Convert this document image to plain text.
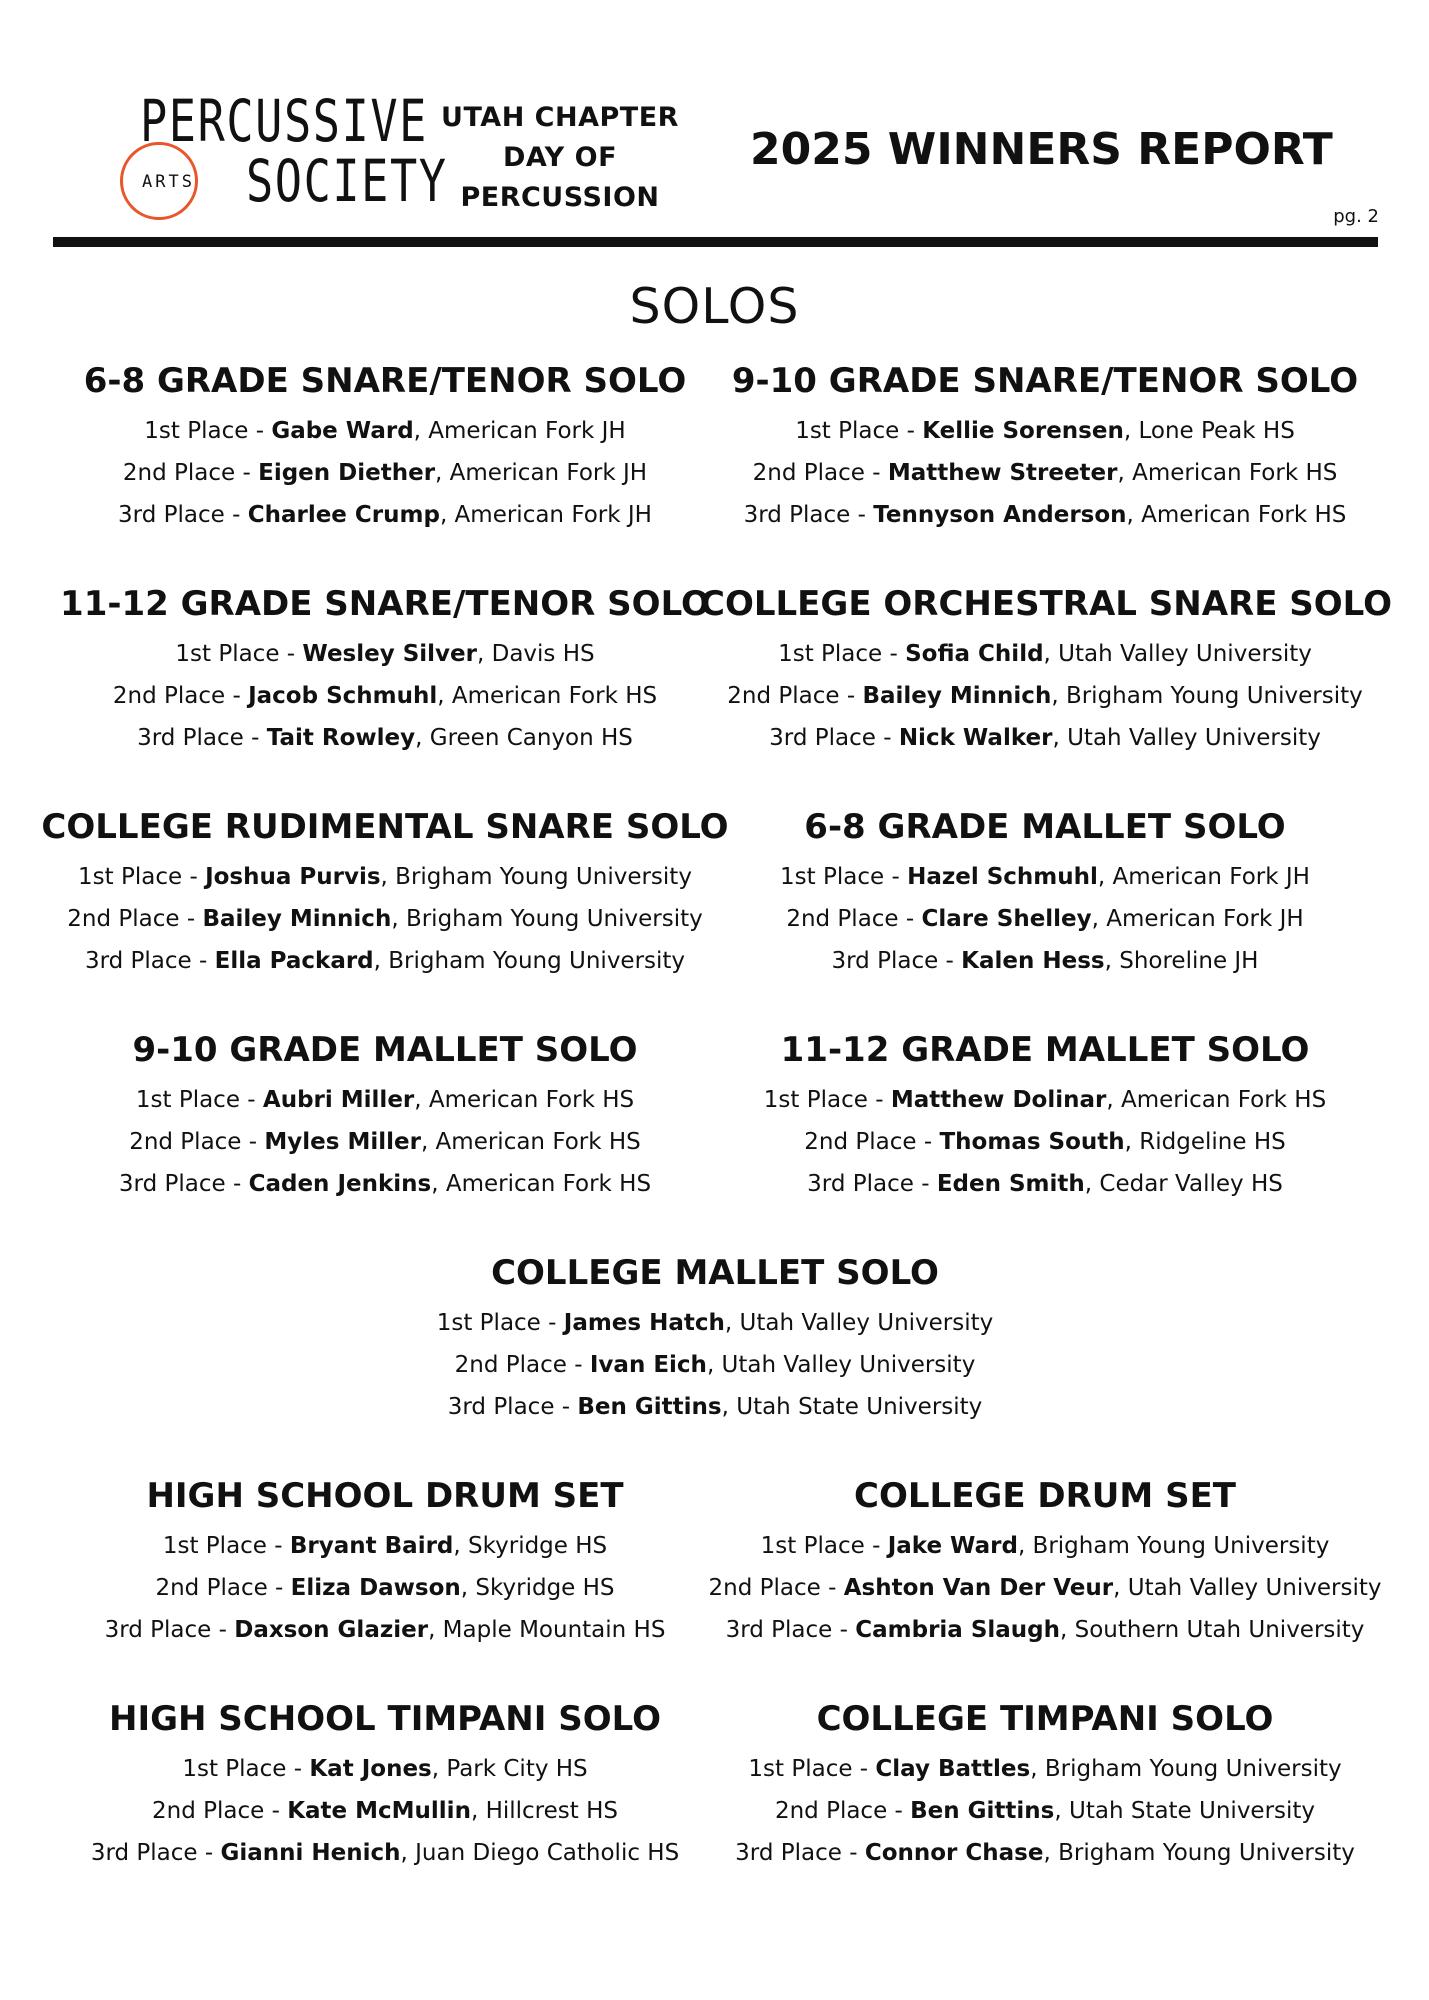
PERCUSSIVE
ARTS SOCIETY
UTAH CHAPTER
DAY OF
PERCUSSION
2025 WINNERS REPORT
pg. 2
SOLOS
6-8 GRADE SNARE/TENOR SOLO
1st Place - Gabe Ward, American Fork JH
2nd Place - Eigen Diether, American Fork JH
3rd Place - Charlee Crump, American Fork JH
9-10 GRADE SNARE/TENOR SOLO
1st Place - Kellie Sorensen, Lone Peak HS
2nd Place - Matthew Streeter, American Fork HS
3rd Place - Tennyson Anderson, American Fork HS
11-12 GRADE SNARE/TENOR SOLO
1st Place - Wesley Silver, Davis HS
2nd Place - Jacob Schmuhl, American Fork HS
3rd Place - Tait Rowley, Green Canyon HS
COLLEGE ORCHESTRAL SNARE SOLO
1st Place - Sofia Child, Utah Valley University
2nd Place - Bailey Minnich, Brigham Young University
3rd Place - Nick Walker, Utah Valley University
COLLEGE RUDIMENTAL SNARE SOLO
1st Place - Joshua Purvis, Brigham Young University
2nd Place - Bailey Minnich, Brigham Young University
3rd Place - Ella Packard, Brigham Young University
6-8 GRADE MALLET SOLO
1st Place - Hazel Schmuhl, American Fork JH
2nd Place - Clare Shelley, American Fork JH
3rd Place - Kalen Hess, Shoreline JH
9-10 GRADE MALLET SOLO
1st Place - Aubri Miller, American Fork HS
2nd Place - Myles Miller, American Fork HS
3rd Place - Caden Jenkins, American Fork HS
11-12 GRADE MALLET SOLO
1st Place - Matthew Dolinar, American Fork HS
2nd Place - Thomas South, Ridgeline HS
3rd Place - Eden Smith, Cedar Valley HS
COLLEGE MALLET SOLO
1st Place - James Hatch, Utah Valley University
2nd Place - Ivan Eich, Utah Valley University
3rd Place - Ben Gittins, Utah State University
HIGH SCHOOL DRUM SET
1st Place - Bryant Baird, Skyridge HS
2nd Place - Eliza Dawson, Skyridge HS
3rd Place - Daxson Glazier, Maple Mountain HS
COLLEGE DRUM SET
1st Place - Jake Ward, Brigham Young University
2nd Place - Ashton Van Der Veur, Utah Valley University
3rd Place - Cambria Slaugh, Southern Utah University
HIGH SCHOOL TIMPANI SOLO
1st Place - Kat Jones, Park City HS
2nd Place - Kate McMullin, Hillcrest HS
3rd Place - Gianni Henich, Juan Diego Catholic HS
COLLEGE TIMPANI SOLO
1st Place - Clay Battles, Brigham Young University
2nd Place - Ben Gittins, Utah State University
3rd Place - Connor Chase, Brigham Young University
